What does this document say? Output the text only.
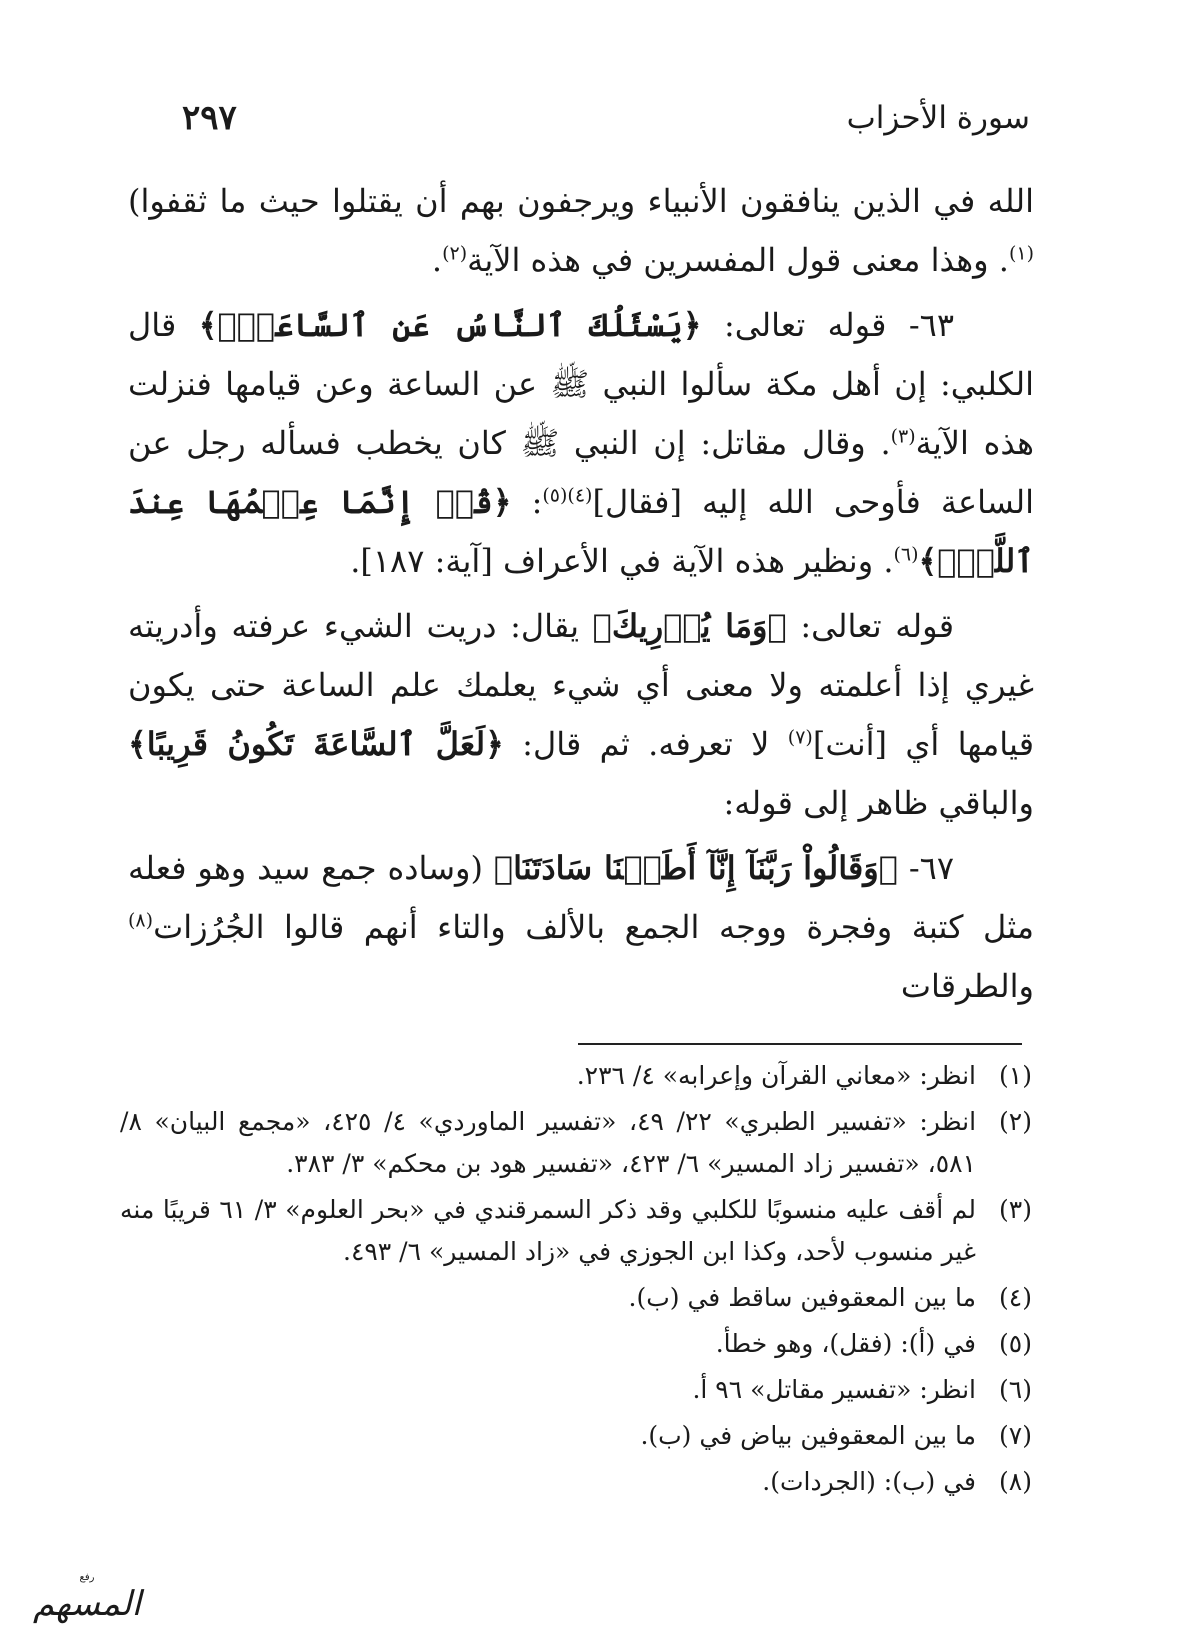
سورة الأحزاب
٢٩٧

الله في الذين ينافقون الأنبياء ويرجفون بهم أن يقتلوا حيث ما ثقفوا)$^{(١)}$. وهذا معنى قول المفسرين في هذه الآية$^{(٢)}$.

٦٣- قوله تعالى: ﴿يَسْئَلُكَ ٱلنَّاسُ عَنِ ٱلسَّاعَةِۖ﴾ قال الكلبي: إن أهل مكة سألوا النبي ﷺ عن الساعة وعن قيامها فنزلت هذه الآية$^{(٣)}$. وقال مقاتل: إن النبي ﷺ كان يخطب فسأله رجل عن الساعة فأوحى الله إليه [فقال]$^{(٤)(٥)}$: ﴿قُلۡ إِنَّمَا عِلۡمُهَا عِندَ ٱللَّهِۚ﴾$^{(٦)}$. ونظير هذه الآية في الأعراف [آية: ١٨٧].

قوله تعالى: ﴿وَمَا يُدۡرِيكَ﴾ يقال: دريت الشيء عرفته وأدريته غيري إذا أعلمته ولا معنى أي شيء يعلمك علم الساعة حتى يكون قيامها أي [أنت]$^{(٧)}$ لا تعرفه. ثم قال: ﴿لَعَلَّ ٱلسَّاعَةَ تَكُونُ قَرِيبًا﴾ والباقي ظاهر إلى قوله:

٦٧- ﴿وَقَالُواْ رَبَّنَآ إِنَّآ أَطَعۡنَا سَادَتَنَا﴾ (وساده جمع سيد وهو فعله مثل كتبة وفجرة ووجه الجمع بالألف والتاء أنهم قالوا الجُرُزات$^{(٨)}$ والطرقات

(١)
انظر: «معاني القرآن وإعرابه» ٤/ ٢٣٦.
(٢)
انظر: «تفسير الطبري» ٢٢/ ٤٩، «تفسير الماوردي» ٤/ ٤٢٥، «مجمع البيان» ٨/ ٥٨١، «تفسير زاد المسير» ٦/ ٤٢٣، «تفسير هود بن محكم» ٣/ ٣٨٣.
(٣)
لم أقف عليه منسوبًا للكلبي وقد ذكر السمرقندي في «بحر العلوم» ٣/ ٦١ قريبًا منه غير منسوب لأحد، وكذا ابن الجوزي في «زاد المسير» ٦/ ٤٩٣.
(٤)
ما بين المعقوفين ساقط في (ب).
(٥)
في (أ): (فقل)، وهو خطأ.
(٦)
انظر: «تفسير مقاتل» ٩٦ أ.
(٧)
ما بين المعقوفين بياض في (ب).
(٨)
في (ب): (الجردات).
رفع
المسهم
